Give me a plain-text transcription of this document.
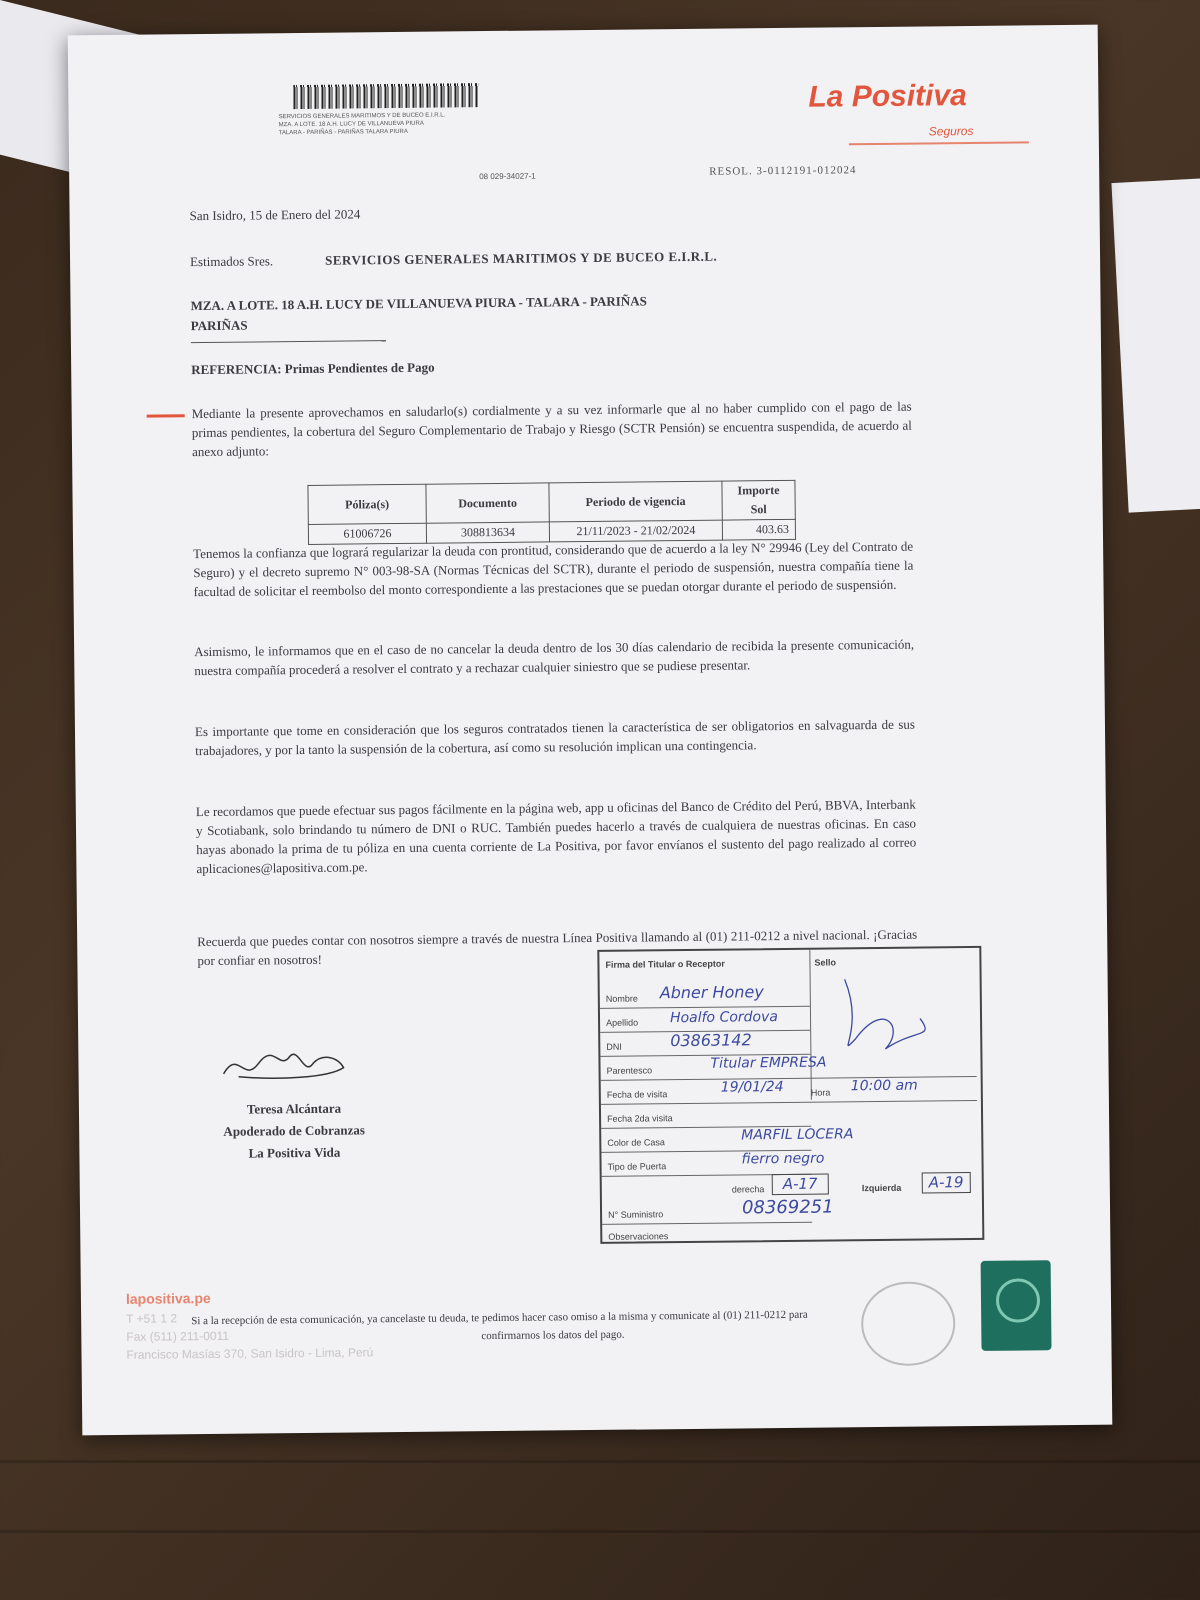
SERVICIOS GENERALES MARITIMOS Y DE BUCEO E.I.R.L.
MZA. A LOTE. 18 A.H. LUCY DE VILLANUEVA PIURA
TALARA - PARIÑAS - PARIÑAS TALARA PIURA
08 029-34027-1
La Positiva
Seguros
RESOL. 3-0112191-012024
San Isidro, 15 de Enero del 2024
Estimados Sres.	SERVICIOS GENERALES MARITIMOS Y DE BUCEO E.I.R.L.
MZA. A LOTE. 18 A.H. LUCY DE VILLANUEVA PIURA - TALARA - PARIÑAS
PARIÑAS
REFERENCIA: Primas Pendientes de Pago
Mediante la presente aprovechamos en saludarlo(s) cordialmente y a su vez informarle que al no haber cumplido con el pago de las primas pendientes, la cobertura del Seguro Complementario de Trabajo y Riesgo (SCTR Pensión) se encuentra suspendida, de acuerdo al anexo adjunto:
Póliza(s)	Documento	Periodo de vigencia	Importe Sol
61006726	308813634	21/11/2023 - 21/02/2024	403.63
Tenemos la confianza que logrará regularizar la deuda con prontitud, considerando que de acuerdo a la ley N° 29946 (Ley del Contrato de Seguro) y el decreto supremo N° 003-98-SA (Normas Técnicas del SCTR), durante el periodo de suspensión, nuestra compañía tiene la facultad de solicitar el reembolso del monto correspondiente a las prestaciones que se puedan otorgar durante el periodo de suspensión.
Asimismo, le informamos que en el caso de no cancelar la deuda dentro de los 30 días calendario de recibida la presente comunicación, nuestra compañía procederá a resolver el contrato y a rechazar cualquier siniestro que se pudiese presentar.
Es importante que tome en consideración que los seguros contratados tienen la característica de ser obligatorios en salvaguarda de sus trabajadores, y por la tanto la suspensión de la cobertura, así como su resolución implican una contingencia.
Le recordamos que puede efectuar sus pagos fácilmente en la página web, app u oficinas del Banco de Crédito del Perú, BBVA, Interbank y Scotiabank, solo brindando tu número de DNI o RUC. También puedes hacerlo a través de cualquiera de nuestras oficinas. En caso hayas abonado la prima de tu póliza en una cuenta corriente de La Positiva, por favor envíanos el sustento del pago realizado al correo aplicaciones@lapositiva.com.pe.
Recuerda que puedes contar con nosotros siempre a través de nuestra Línea Positiva llamando al (01) 211-0212 a nivel nacional. ¡Gracias por confiar en nosotros!
Teresa Alcántara
Apoderado de Cobranzas
La Positiva Vida
Firma del Titular o Receptor	Sello
Nombre Abner Honey
Apellido Hoalfo Cordova
DNI	03863142
Parentesco	Titular EMPRESA
Fecha de visita	19/01/24	Hora 10:00 am
Fecha 2da visita
Color de Casa	MARFIL LOCERA
Tipo de Puerta	fierro negro
derecha	A-17	Izquierda	A-19
N° Suministro	08369251
Observaciones
lapositiva.pe
T +51 1 2
Fax (511) 211-0011
Francisco Masías 370, San Isidro - Lima, Perú
Si a la recepción de esta comunicación, ya cancelaste tu deuda, te pedimos hacer caso omiso a la misma y comunicate al (01) 211-0212 para
confirmarnos los datos del pago.
